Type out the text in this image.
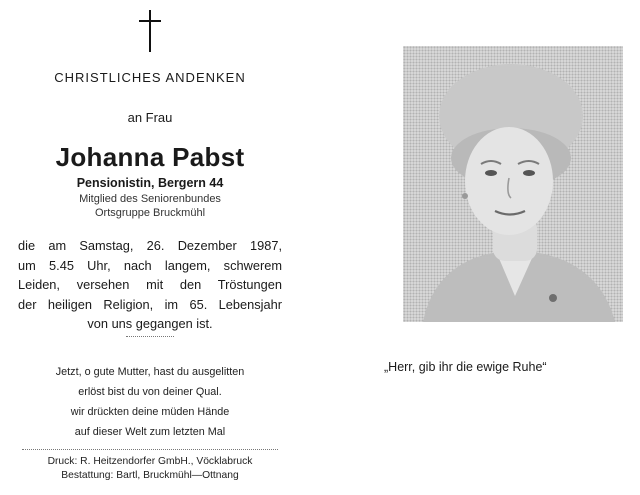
CHRISTLICHES ANDENKEN
an Frau
Johanna Pabst
Pensionistin, Bergern 44
Mitglied des Seniorenbundes
Ortsgruppe Bruckmühl
die am Samstag, 26. Dezember 1987,
um 5.45 Uhr, nach langem, schwerem
Leiden, versehen mit den Tröstungen
der heiligen Religion, im 65. Lebensjahr
von uns gegangen ist.
Jetzt, o gute Mutter, hast du ausgelitten
erlöst bist du von deiner Qual.
wir drückten deine müden Hände
auf dieser Welt zum letzten Mal
Druck: R. Heitzendorfer GmbH., Vöcklabruck
Bestattung: Bartl, Bruckmühl—Ottnang
„Herr, gib ihr die ewige Ruhe“
